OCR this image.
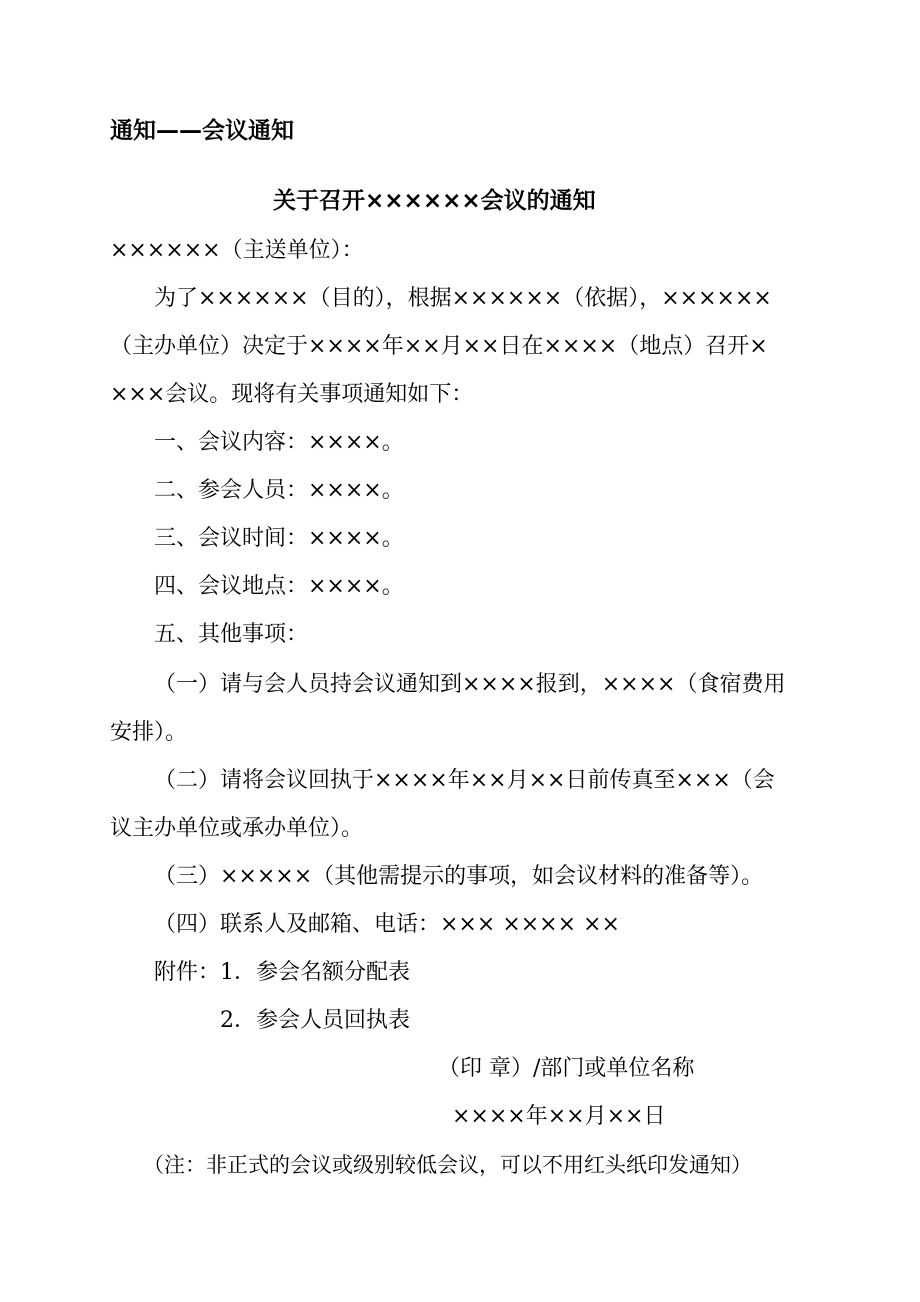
通知——会议通知
关于召开××××××会议的通知
××××××（主送单位）：
为了××××××（目的），根据××××××（依据），××××××
（主办单位）决定于××××年××月××日在××××（地点）召开×
×××会议。现将有关事项通知如下：
一、会议内容：××××。
二、参会人员：××××。
三、会议时间：××××。
四、会议地点：××××。
五、其他事项：
（一）请与会人员持会议通知到××××报到，××××（食宿费用
安排）。
（二）请将会议回执于××××年××月××日前传真至×××（会
议主办单位或承办单位）。
（三）×××××（其他需提示的事项，如会议材料的准备等）。
（四）联系人及邮箱、电话：××× ×××× ××
附件： 1．参会名额分配表
2．参会人员回执表
（印 章）/部门或单位名称
××××年××月××日
（注：非正式的会议或级别较低会议，可以不用红头纸印发通知）
